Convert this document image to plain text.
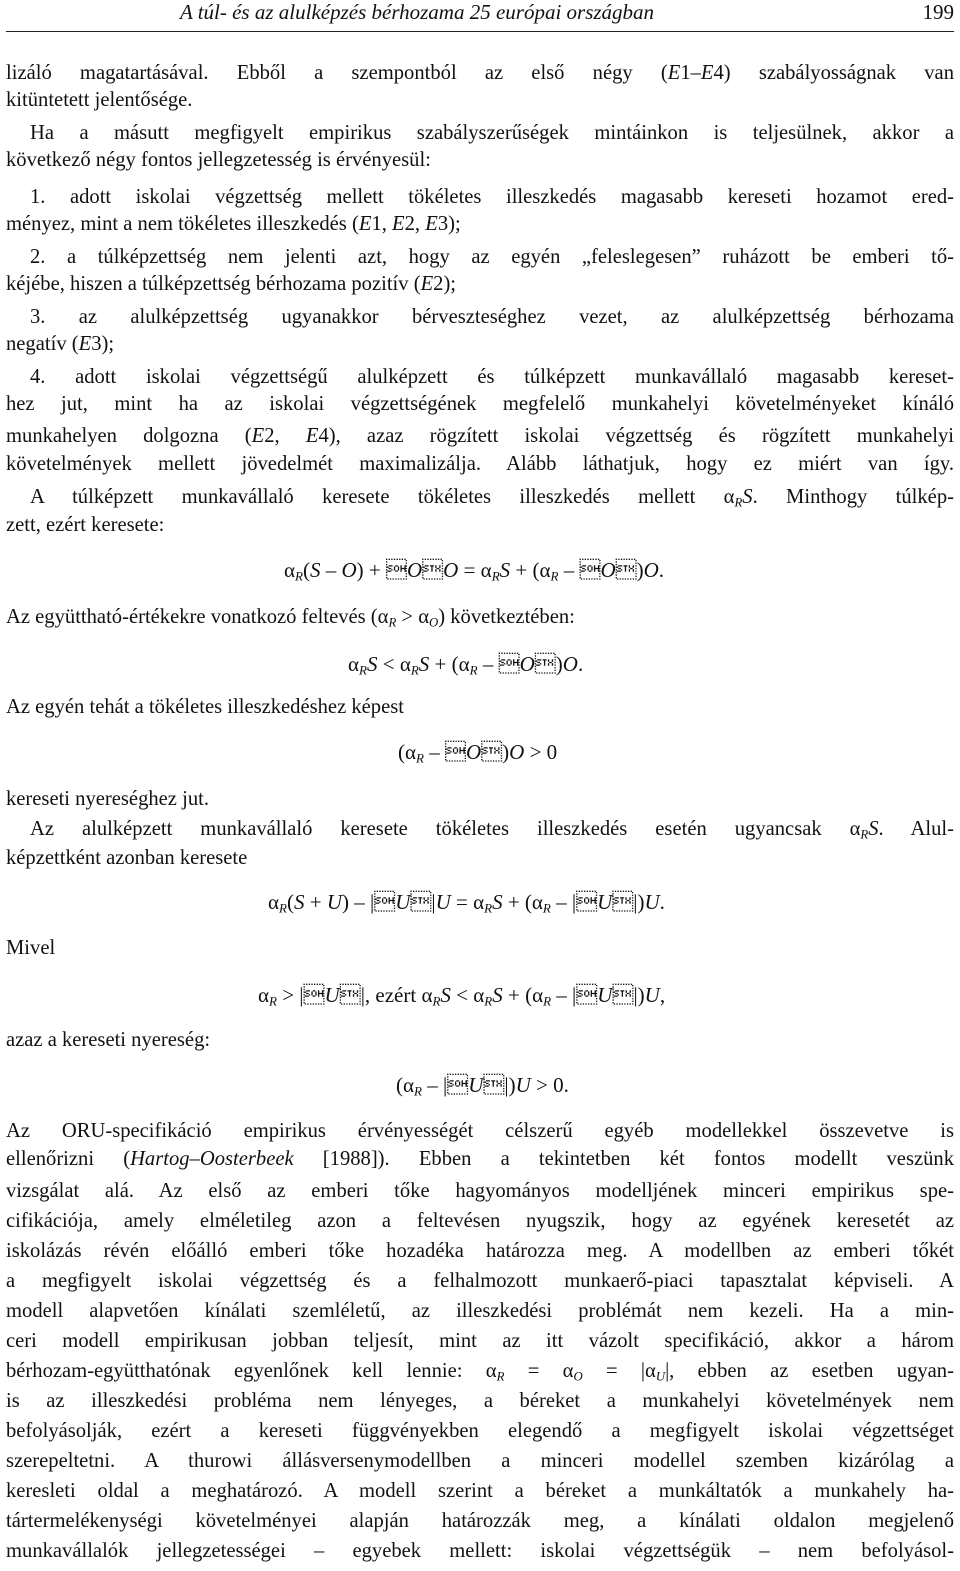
A túl- és az alulképzés bérhozama 25 európai országban	199
lizáló magatartásával. Ebből a szempontból az első négy (E1–E4) szabályosságnak van
kitüntetett jelentősége.
Ha a másutt megfigyelt empirikus szabályszerűségek mintáinkon is teljesülnek, akkor a
következő négy fontos jellegzetesség is érvényesül:
1. adott iskolai végzettség mellett tökéletes illeszkedés magasabb kereseti hozamot ered-
ményez, mint a nem tökéletes illeszkedés (E1, E2, E3);
2. a túlképzettség nem jelenti azt, hogy az egyén „feleslegesen” ruházott be emberi tő-
kéjébe, hiszen a túlképzettség bérhozama pozitív (E2);
3. az alulképzettség ugyanakkor bérveszteséghez vezet, az alulképzettség bérhozama
negatív (E3);
4. adott iskolai végzettségű alulképzett és túlképzett munkavállaló magasabb kereset-
hez jut, mint ha az iskolai végzettségének megfelelő munkahelyi követelményeket kínáló
munkahelyen dolgozna (E2, E4), azaz rögzített iskolai végzettség és rögzített munkahelyi
követelmények mellett jövedelmét maximalizálja. Alább láthatjuk, hogy ez miért van így.
A túlképzett munkavállaló keresete tökéletes illeszkedés mellett $\alpha_RS$. Minthogy túlkép-
zett, ezért keresete:
$\alpha_R(S - O)$ + OO = $\alpha_RS + (\alpha_R$ – O)O.
Az együttható-értékekre vonatkozó feltevés $(\alpha_R > \alpha_O)$ következtében:
$\alpha_RS < \alpha_RS + (\alpha_R$ – O)O.
Az egyén tehát a tökéletes illeszkedéshez képest
($\alpha_R$ – O)O > 0
kereseti nyereséghez jut.
Az alulképzett munkavállaló keresete tökéletes illeszkedés esetén ugyancsak $\alpha_RS$. Alul-
képzettként azonban keresete
$\alpha_R(S + U)$ – |U|U = $\alpha_RS + (\alpha_R$ – |U|)U.
Mivel
$\alpha_R$ > |U|, ezért $\alpha_RS < \alpha_RS + (\alpha_R$ – |U|)U,
azaz a kereseti nyereség:
($\alpha_R$ – |U|)U > 0.
Az ORU-specifikáció empirikus érvényességét célszerű egyéb modellekkel összevetve is
ellenőrizni (Hartog–Oosterbeek [1988]). Ebben a tekintetben két fontos modellt veszünk
vizsgálat alá. Az első az emberi tőke hagyományos modelljének minceri empirikus spe-
cifikációja, amely elméletileg azon a feltevésen nyugszik, hogy az egyének keresetét az
iskolázás révén előálló emberi tőke hozadéka határozza meg. A modellben az emberi tőkét
a megfigyelt iskolai végzettség és a felhalmozott munkaerő-piaci tapasztalat képviseli. A
modell alapvetően kínálati szemléletű, az illeszkedési problémát nem kezeli. Ha a min-
ceri modell empirikusan jobban teljesít, mint az itt vázolt specifikáció, akkor a három
bérhozam-együtthatónak egyenlőnek kell lennie: $\alpha_R = \alpha_O = |\alpha_U|$, ebben az esetben ugyan-
is az illeszkedési probléma nem lényeges, a béreket a munkahelyi követelmények nem
befolyásolják, ezért a kereseti függvényekben elegendő a megfigyelt iskolai végzettséget
szerepeltetni. A thurowi állásversenymodellben a minceri modellel szemben kizárólag a
keresleti oldal a meghatározó. A modell szerint a béreket a munkáltatók a munkahely ha-
tártermelékenységi követelményei alapján határozzák meg, a kínálati oldalon megjelenő
munkavállalók jellegzetességei – egyebek mellett: iskolai végzettségük – nem befolyásol-
